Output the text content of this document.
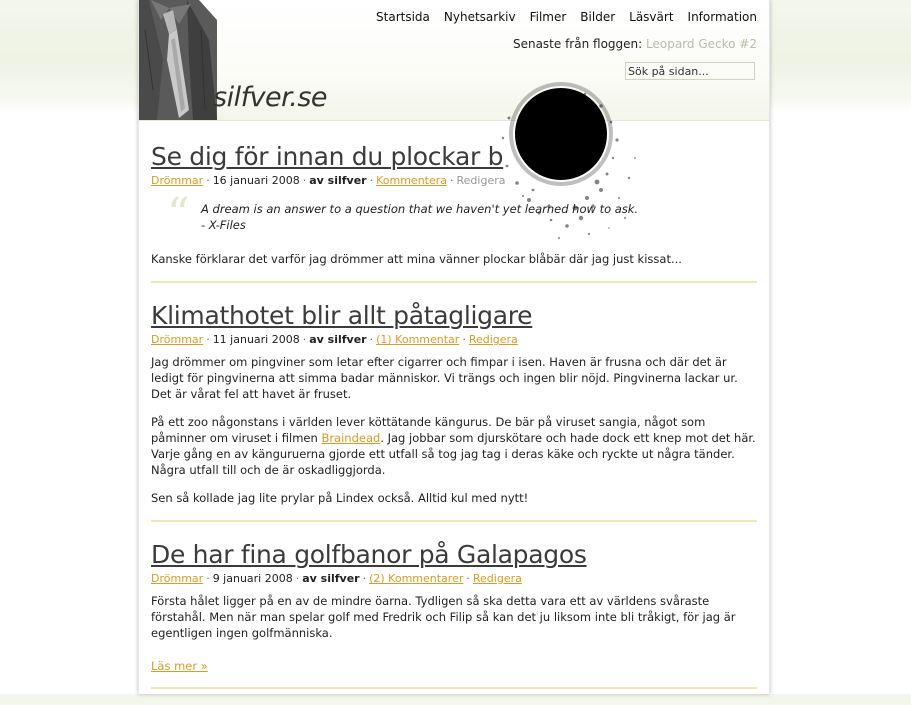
silfver.se
Startsida Nyhetsarkiv Filmer Bilder Läsvärt Information
Senaste från floggen: Leopard Gecko #2
Sök på sidan...
Se dig för innan du plockar b
Drömmar · 16 januari 2008 · av silfver · Kommentera · Redigera
“ A dream is an answer to a question that we haven't yet learned how to ask.
- X-Files

Kanske förklarar det varför jag drömmer att mina vänner plockar blåbär där jag just kissat...

Klimathotet blir allt påtagligare
Drömmar · 11 januari 2008 · av silfver · (1) Kommentar · Redigera

Jag drömmer om pingviner som letar efter cigarrer och fimpar i isen. Haven är frusna och där det är ledigt för pingvinerna att simma badar människor. Vi trängs och ingen blir nöjd. Pingvinerna lackar ur. Det är vårat fel att havet är fruset.

På ett zoo någonstans i världen lever köttätande kängurus. De bär på viruset sangia, något som påminner om viruset i filmen Braindead. Jag jobbar som djurskötare och hade dock ett knep mot det här. Varje gång en av känguruerna gjorde ett utfall så tog jag tag i deras käke och ryckte ut några tänder. Några utfall till och de är oskadliggjorda.

Sen så kollade jag lite prylar på Lindex också. Alltid kul med nytt!

De har fina golfbanor på Galapagos
Drömmar · 9 januari 2008 · av silfver · (2) Kommentarer · Redigera

Första hålet ligger på en av de mindre öarna. Tydligen så ska detta vara ett av världens svåraste förstahål. Men när man spelar golf med Fredrik och Filip så kan det ju liksom inte bli tråkigt, för jag är egentligen ingen golfmänniska.

Läs mer »
